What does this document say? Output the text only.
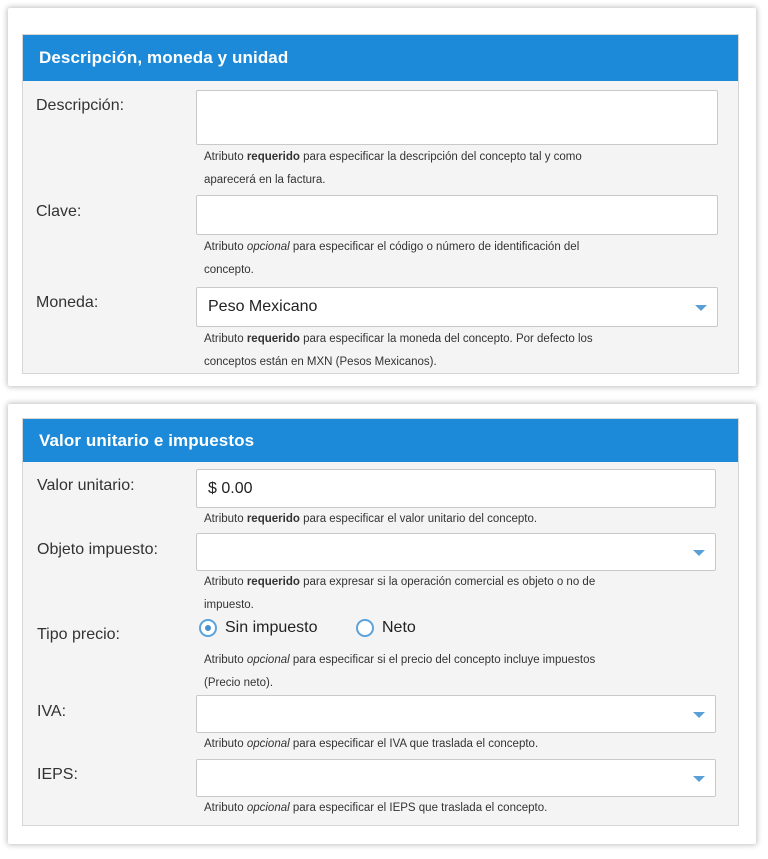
Descripción, moneda y unidad
Descripción:
Atributo requerido para especificar la descripción del concepto tal y como
aparecerá en la factura.
Clave:
Atributo opcional para especificar el código o número de identificación del
concepto.
Moneda:	Peso Mexicano
Atributo requerido para especificar la moneda del concepto. Por defecto los
conceptos están en MXN (Pesos Mexicanos).
Valor unitario e impuestos
Valor unitario:	$ 0.00
Atributo requerido para especificar el valor unitario del concepto.
Objeto impuesto:
Atributo requerido para expresar si la operación comercial es objeto o no de
impuesto.
Tipo precio:	Sin impuesto	Neto
Atributo opcional para especificar si el precio del concepto incluye impuestos
(Precio neto).
IVA:
Atributo opcional para especificar el IVA que traslada el concepto.
IEPS:
Atributo opcional para especificar el IEPS que traslada el concepto.
